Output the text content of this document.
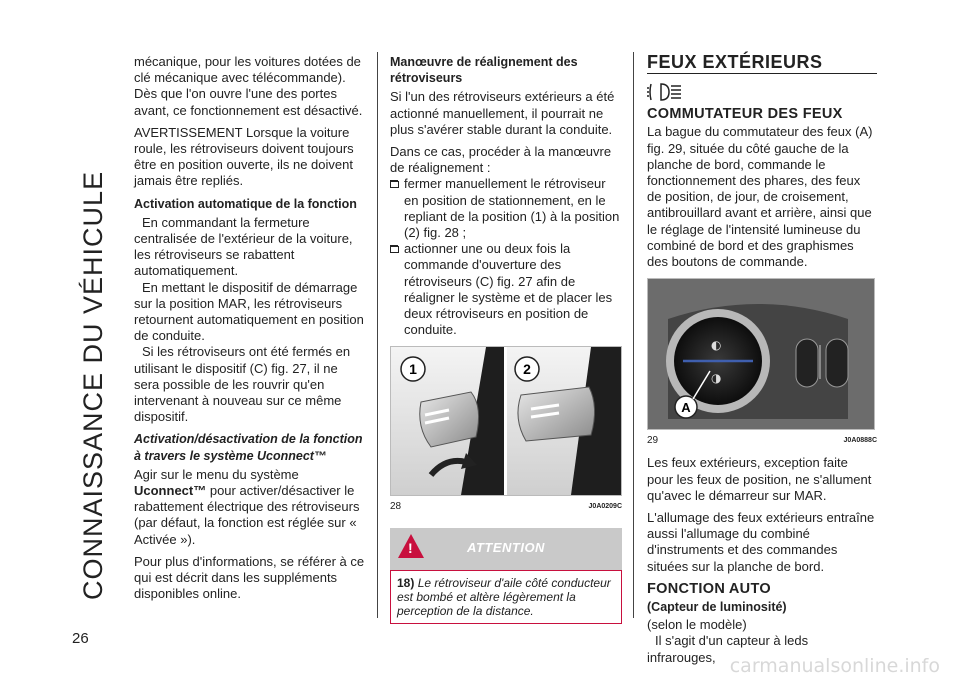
CONNAISSANCE DU VÉHICULE
26

mécanique, pour les voitures dotées de clé mécanique avec télécommande). Dès que l'on ouvre l'une des portes avant, ce fonctionnement est désactivé.

AVERTISSEMENT Lorsque la voiture roule, les rétroviseurs doivent toujours être en position ouverte, ils ne doivent jamais être repliés.

Activation automatique de la fonction

En commandant la fermeture centralisée de l'extérieur de la voiture, les rétroviseurs se rabattent automatiquement.

En mettant le dispositif de démarrage sur la position MAR, les rétroviseurs retournent automatiquement en position de conduite.

Si les rétroviseurs ont été fermés en utilisant le dispositif (C) fig. 27, il ne sera possible de les rouvrir qu'en intervenant à nouveau sur ce même dispositif.

Activation/désactivation de la fonction à travers le système Uconnect™

Agir sur le menu du système Uconnect™ pour activer/désactiver le rabattement électrique des rétroviseurs (par défaut, la fonction est réglée sur « Activée »).

Pour plus d'informations, se référer à ce qui est décrit dans les suppléments disponibles online.

Manœuvre de réalignement des rétroviseurs

Si l'un des rétroviseurs extérieurs a été actionné manuellement, il pourrait ne plus s'avérer stable durant la conduite.

Dans ce cas, procéder à la manœuvre de réalignement :

fermer manuellement le rétroviseur en position de stationnement, en le repliant de la position (1) à la position (2) fig. 28 ;
actionner une ou deux fois la commande d'ouverture des rétroviseurs (C) fig. 27 afin de réaligner le système et de placer les deux rétroviseurs en position de conduite.
1	2
28	J0A0209C
!
ATTENTION
18) Le rétroviseur d'aile côté conducteur est bombé et altère légèrement la perception de la distance.
FEUX EXTÉRIEURS
COMMUTATEUR DES FEUX

La bague du commutateur des feux (A) fig. 29, située du côté gauche de la planche de bord, commande le fonctionnement des phares, des feux de position, de jour, de croisement, antibrouillard avant et arrière, ainsi que le réglage de l'intensité lumineuse du combiné de bord et des graphismes des boutons de commande.

◐
◑
A
29	J0A0888C

Les feux extérieurs, exception faite pour les feux de position, ne s'allument qu'avec le démarreur sur MAR.

L'allumage des feux extérieurs entraîne aussi l'allumage du combiné d'instruments et des commandes situées sur la planche de bord.

FONCTION AUTO
(Capteur de luminosité)

(selon le modèle)

Il s'agit d'un capteur à leds infrarouges, carmanualsonline.info
